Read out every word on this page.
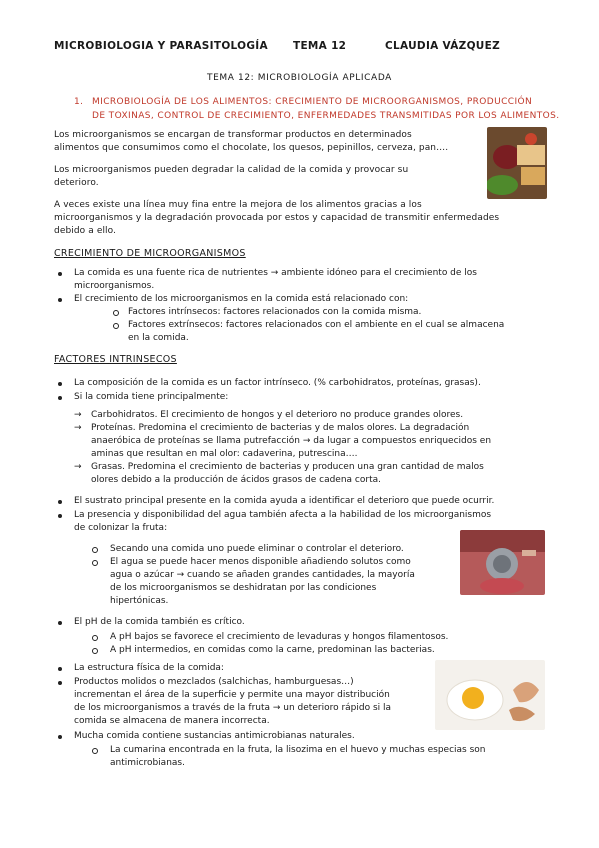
MICROBIOLOGIA Y PARASITOLOGÍA TEMA 12	CLAUDIA VÁZQUEZ
TEMA 12: MICROBIOLOGÍA APLICADA
1. MICROBIOLOGÍA DE LOS ALIMENTOS: CRECIMIENTO DE MICROORGANISMOS, PRODUCCIÓN
DE TOXINAS, CONTROL DE CRECIMIENTO, ENFERMEDADES TRANSMITIDAS POR LOS ALIMENTOS.
Los microorganismos se encargan de transformar productos en determinados
alimentos que consumimos como el chocolate, los quesos, pepinillos, cerveza, pan….
Los microorganismos pueden degradar la calidad de la comida y provocar su
deterioro.
A veces existe una línea muy fina entre la mejora de los alimentos gracias a los
microorganismos y la degradación provocada por estos y capacidad de transmitir enfermedades
debido a ello.
CRECIMIENTO DE MICROORGANISMOS
La comida es una fuente rica de nutrientes → ambiente idóneo para el crecimiento de los
microorganismos.
El crecimiento de los microorganismos en la comida está relacionado con:
Factores intrínsecos: factores relacionados con la comida misma.
Factores extrínsecos: factores relacionados con el ambiente en el cual se almacena
en la comida.
FACTORES INTRINSECOS
La composición de la comida es un factor intrínseco. (% carbohidratos, proteínas, grasas).
Si la comida tiene principalmente:
→ Carbohidratos. El crecimiento de hongos y el deterioro no produce grandes olores.
→ Proteínas. Predomina el crecimiento de bacterias y de malos olores. La degradación
anaeróbica de proteínas se llama putrefacción → da lugar a compuestos enriquecidos en
aminas que resultan en mal olor: cadaverina, putrescina….
→ Grasas. Predomina el crecimiento de bacterias y producen una gran cantidad de malos
olores debido a la producción de ácidos grasos de cadena corta.
El sustrato principal presente en la comida ayuda a identificar el deterioro que puede ocurrir.
La presencia y disponibilidad del agua también afecta a la habilidad de los microorganismos
de colonizar la fruta:
Secando una comida uno puede eliminar o controlar el deterioro.
El agua se puede hacer menos disponible añadiendo solutos como
agua o azúcar → cuando se añaden grandes cantidades, la mayoría
de los microorganismos se deshidratan por las condiciones
hipertónicas.
El pH de la comida también es crítico.
A pH bajos se favorece el crecimiento de levaduras y hongos filamentosos.
A pH intermedios, en comidas como la carne, predominan las bacterias.
La estructura física de la comida:
Productos molidos o mezclados (salchichas, hamburguesas…)
incrementan el área de la superficie y permite una mayor distribución
de los microorganismos a través de la fruta → un deterioro rápido si la
comida se almacena de manera incorrecta.
Mucha comida contiene sustancias antimicrobianas naturales.
La cumarina encontrada en la fruta, la lisozima en el huevo y muchas especias son
antimicrobianas.
